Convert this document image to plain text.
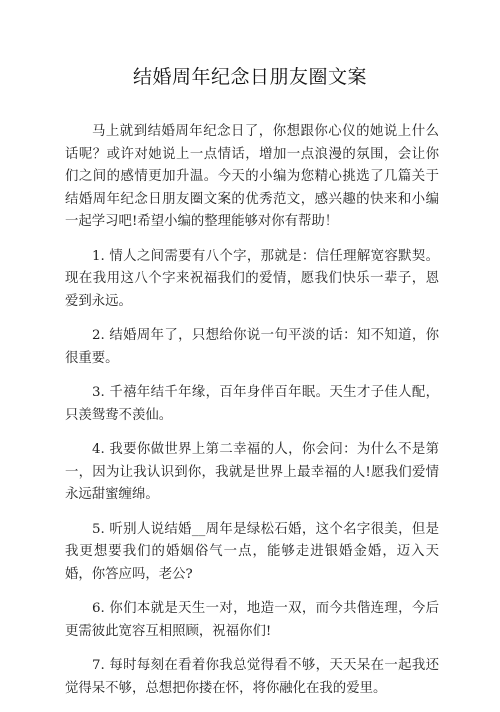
结婚周年纪念日朋友圈文案

马上就到结婚周年纪念日了，你想跟你心仪的她说上什么话呢？或许对她说上一点情话，增加一点浪漫的氛围，会让你们之间的感情更加升温。今天的小编为您精心挑选了几篇关于结婚周年纪念日朋友圈文案的优秀范文，感兴趣的快来和小编一起学习吧!希望小编的整理能够对你有帮助！

1. 情人之间需要有八个字，那就是：信任理解宽容默契。现在我用这八个字来祝福我们的爱情，愿我们快乐一辈子，恩爱到永远。

2. 结婚周年了，只想给你说一句平淡的话：知不知道，你很重要。

3. 千禧年结千年缘，百年身伴百年眠。天生才子佳人配，只羡鸳鸯不羡仙。

4. 我要你做世界上第二幸福的人，你会问：为什么不是第一，因为让我认识到你，我就是世界上最幸福的人!愿我们爱情永远甜蜜缠绵。

5. 听别人说结婚__周年是绿松石婚，这个名字很美，但是我更想要我们的婚姻俗气一点，能够走进银婚金婚，迈入天婚，你答应吗，老公?

6. 你们本就是天生一对，地造一双，而今共偕连理，今后更需彼此宽容互相照顾，祝福你们!

7. 每时每刻在看着你我总觉得看不够，天天呆在一起我还觉得呆不够，总想把你搂在怀，将你融化在我的爱里。
